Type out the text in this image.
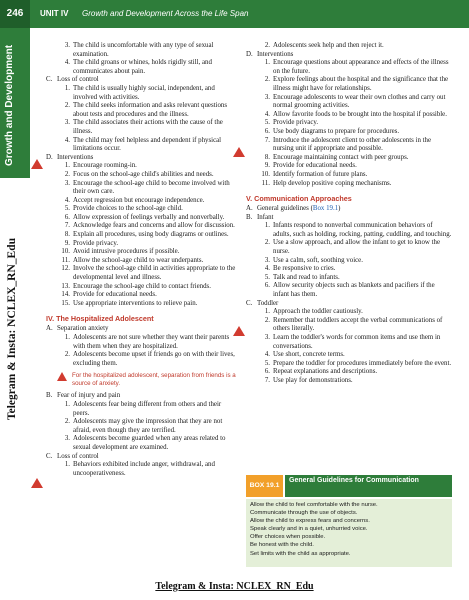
246	UNIT IV Growth and Development Across the Life Span
Growth and Development
Telegram & Insta: NCLEX_RN_Edu
3. The child is uncomfortable with any type of sexual examination.
4. The child groans or whines, holds rigidly still, and communicates about pain.
C. Loss of control
1. The child is usually highly social, independent, and involved with activities.
2. The child seeks information and asks relevant questions about tests and procedures and the illness.
3. The child associates their actions with the cause of the illness.
4. The child may feel helpless and dependent if physical limitations occur.
D. Interventions
1. Encourage rooming-in.
2. Focus on the school-age child's abilities and needs.
3. Encourage the school-age child to become involved with their own care.
4. Accept regression but encourage independence.
5. Provide choices to the school-age child.
6. Allow expression of feelings verbally and nonverbally.
7. Acknowledge fears and concerns and allow for discussion.
8. Explain all procedures, using body diagrams or outlines.
9. Provide privacy.
10. Avoid intrusive procedures if possible.
11. Allow the school-age child to wear underpants.
12. Involve the school-age child in activities appropriate to the developmental level and illness.
13. Encourage the school-age child to contact friends.
14. Provide for educational needs.
15. Use appropriate interventions to relieve pain.
IV. The Hospitalized Adolescent
A. Separation anxiety
1. Adolescents are not sure whether they want their parents with them when they are hospitalized.
2. Adolescents become upset if friends go on with their lives, excluding them.
For the hospitalized adolescent, separation from friends is a source of anxiety.
B. Fear of injury and pain
1. Adolescents fear being different from others and their peers.
2. Adolescents may give the impression that they are not afraid, even though they are terrified.
3. Adolescents become guarded when any areas related to sexual development are examined.
C. Loss of control
1. Behaviors exhibited include anger, withdrawal, and uncooperativeness.
2. Adolescents seek help and then reject it.
D. Interventions
1. Encourage questions about appearance and effects of the illness on the future.
2. Explore feelings about the hospital and the significance that the illness might have for relationships.
3. Encourage adolescents to wear their own clothes and carry out normal grooming activities.
4. Allow favorite foods to be brought into the hospital if possible.
5. Provide privacy.
6. Use body diagrams to prepare for procedures.
7. Introduce the adolescent client to other adolescents in the nursing unit if appropriate and possible.
8. Encourage maintaining contact with peer groups.
9. Provide for educational needs.
10. Identify formation of future plans.
11. Help develop positive coping mechanisms.
V. Communication Approaches
A. General guidelines (Box 19.1)
B. Infant
1. Infants respond to nonverbal communication behaviors of adults, such as holding, rocking, patting, cuddling, and touching.
2. Use a slow approach, and allow the infant to get to know the nurse.
3. Use a calm, soft, soothing voice.
4. Be responsive to cries.
5. Talk and read to infants.
6. Allow security objects such as blankets and pacifiers if the infant has them.
C. Toddler
1. Approach the toddler cautiously.
2. Remember that toddlers accept the verbal communications of others literally.
3. Learn the toddler's words for common items and use them in conversations.
4. Use short, concrete terms.
5. Prepare the toddler for procedures immediately before the event.
6. Repeat explanations and descriptions.
7. Use play for demonstrations.
BOX 19.1
General Guidelines for Communication
Allow the child to feel comfortable with the nurse.
Communicate through the use of objects.
Allow the child to express fears and concerns.
Speak clearly and in a quiet, unhurried voice.
Offer choices when possible.
Be honest with the child.
Set limits with the child as appropriate.
Telegram & Insta: NCLEX_RN_Edu
